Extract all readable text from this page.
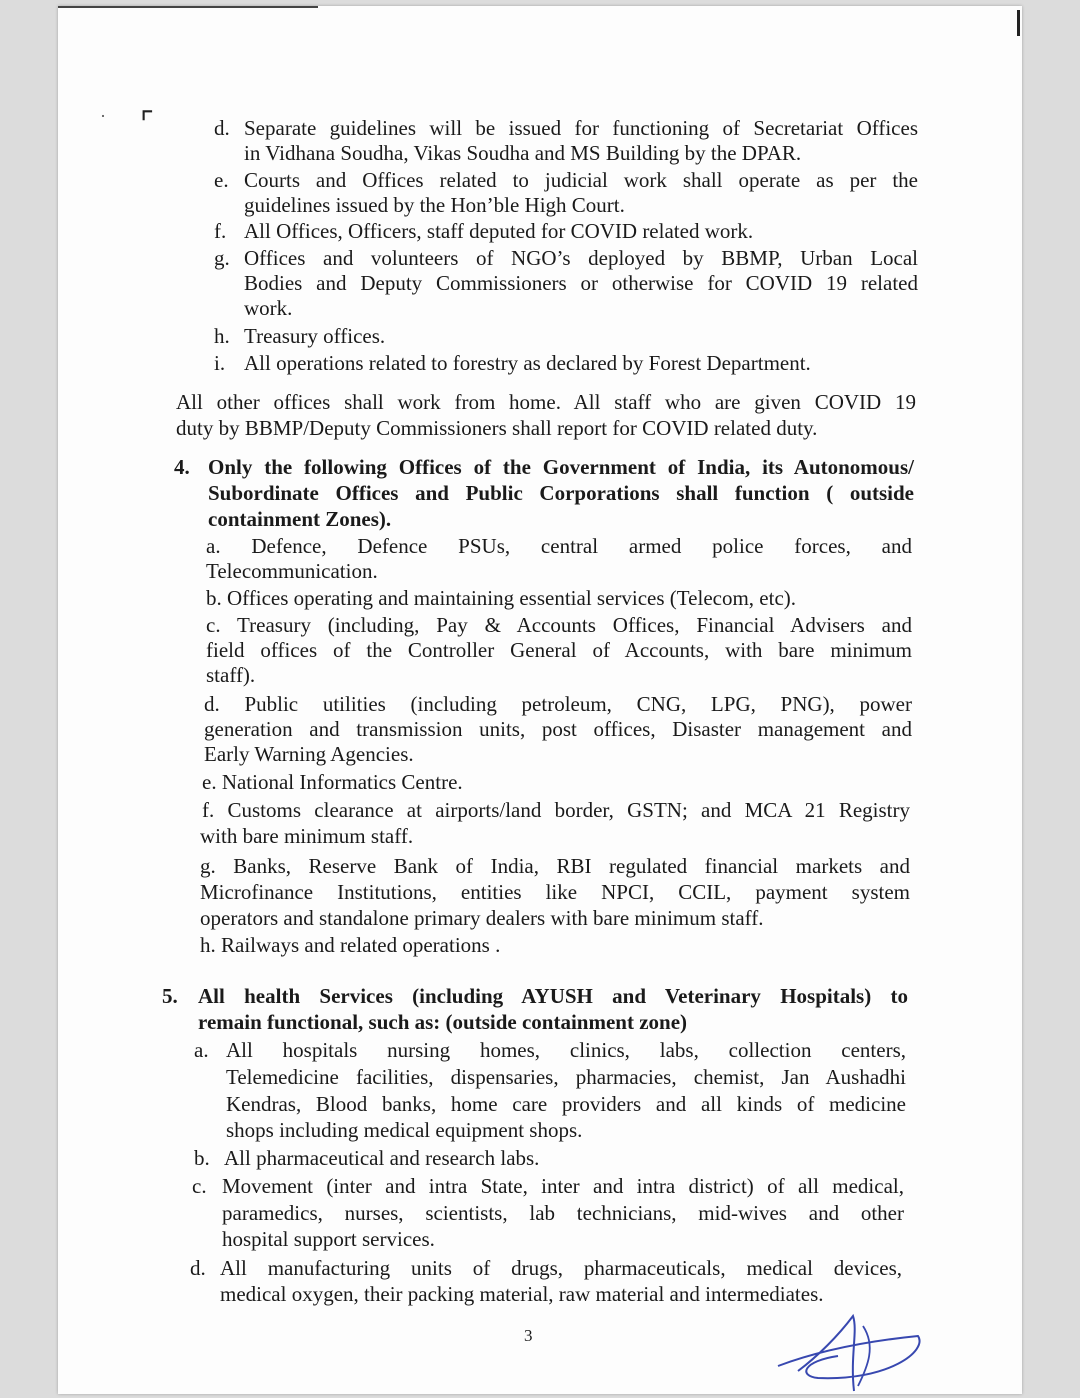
· ⌜	d. Separate guidelines will be issued for functioning of Secretariat Offices
in Vidhana Soudha, Vikas Soudha and MS Building by the DPAR.
e. Courts and Offices related to judicial work shall operate as per the
guidelines issued by the Hon’ble High Court.
f. All Offices, Officers, staff deputed for COVID related work.
g. Offices and volunteers of NGO’s deployed by BBMP, Urban Local
Bodies and Deputy Commissioners or otherwise for COVID 19 related
work.
h. Treasury offices.
i. All operations related to forestry as declared by Forest Department.
All other offices shall work from home. All staff who are given COVID 19
duty by BBMP/Deputy Commissioners shall report for COVID related duty.
4. Only the following Offices of the Government of India, its Autonomous/
Subordinate Offices and Public Corporations shall function ( outside
containment Zones).
a. Defence, Defence PSUs, central armed police forces, and
Telecommunication.
b. Offices operating and maintaining essential services (Telecom, etc).
c. Treasury (including, Pay & Accounts Offices, Financial Advisers and
field offices of the Controller General of Accounts, with bare minimum
staff).
d. Public utilities (including petroleum, CNG, LPG, PNG), power
generation and transmission units, post offices, Disaster management and
Early Warning Agencies.
e. National Informatics Centre.
f. Customs clearance at airports/land border, GSTN; and MCA 21 Registry
with bare minimum staff.
g. Banks, Reserve Bank of India, RBI regulated financial markets and
Microfinance Institutions, entities like NPCI, CCIL, payment system
operators and standalone primary dealers with bare minimum staff.
h. Railways and related operations .
5. All health Services (including AYUSH and Veterinary Hospitals) to
remain functional, such as: (outside containment zone)
a. All hospitals nursing homes, clinics, labs, collection centers,
Telemedicine facilities, dispensaries, pharmacies, chemist, Jan Aushadhi
Kendras, Blood banks, home care providers and all kinds of medicine
shops including medical equipment shops.
b. All pharmaceutical and research labs.
c. Movement (inter and intra State, inter and intra district) of all medical,
paramedics, nurses, scientists, lab technicians, mid-wives and other
hospital support services.
d. All manufacturing units of drugs, pharmaceuticals, medical devices,
medical oxygen, their packing material, raw material and intermediates.
3
